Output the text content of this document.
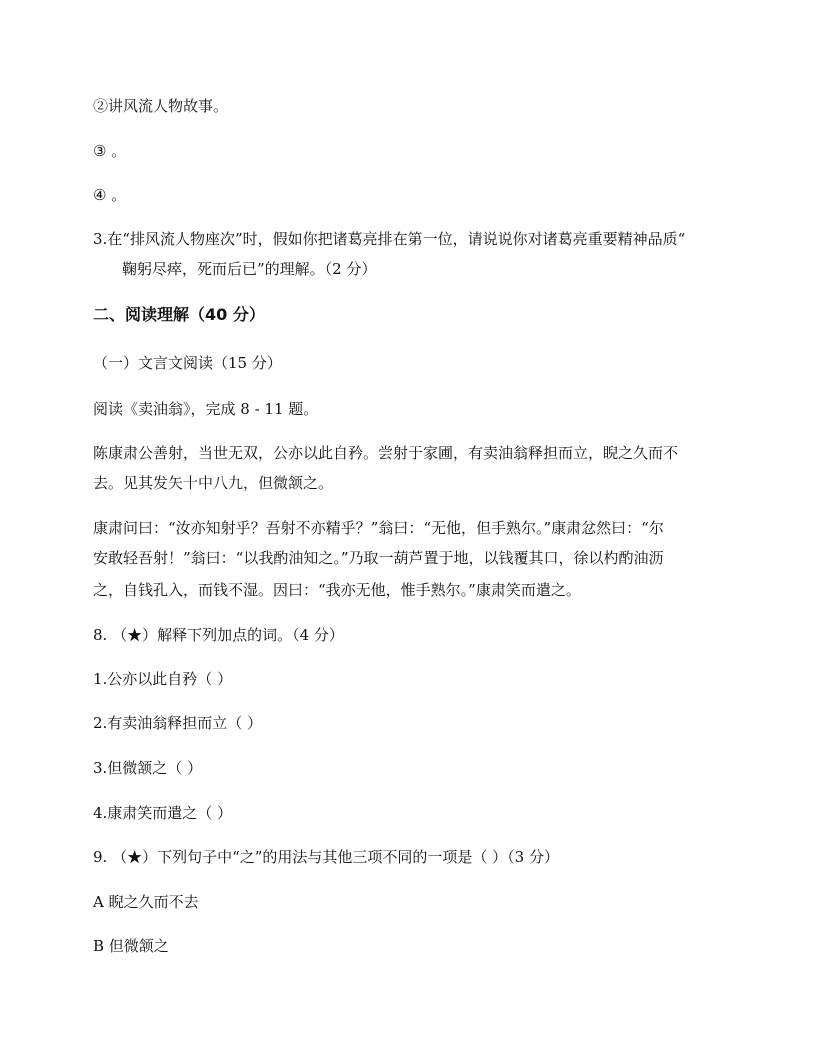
②讲风流人物故事。
③ 。
④ 。
3.在“排风流人物座次”时，假如你把诸葛亮排在第一位，请说说你对诸葛亮重要精神品质“
鞠躬尽瘁，死而后已”的理解。（2 分）
二、阅读理解（40 分）
（一）文言文阅读（15 分）
阅读《卖油翁》，完成 8 - 11 题。
陈康肃公善射，当世无双，公亦以此自矜。尝射于家圃，有卖油翁释担而立，睨之久而不
去。见其发矢十中八九，但微颔之。
康肃问曰：“汝亦知射乎？吾射不亦精乎？”翁曰：“无他，但手熟尔。”康肃忿然曰：“尔
安敢轻吾射！”翁曰：“以我酌油知之。”乃取一葫芦置于地，以钱覆其口，徐以杓酌油沥
之，自钱孔入，而钱不湿。因曰：“我亦无他，惟手熟尔。”康肃笑而遣之。
8. （★）解释下列加点的词。（4 分）
1.公亦以此自矜（ ）
2.有卖油翁释担而立（ ）
3.但微颔之（ ）
4.康肃笑而遣之（ ）
9. （★）下列句子中“之”的用法与其他三项不同的一项是（ ）（3 分）
A 睨之久而不去
B 但微颔之
